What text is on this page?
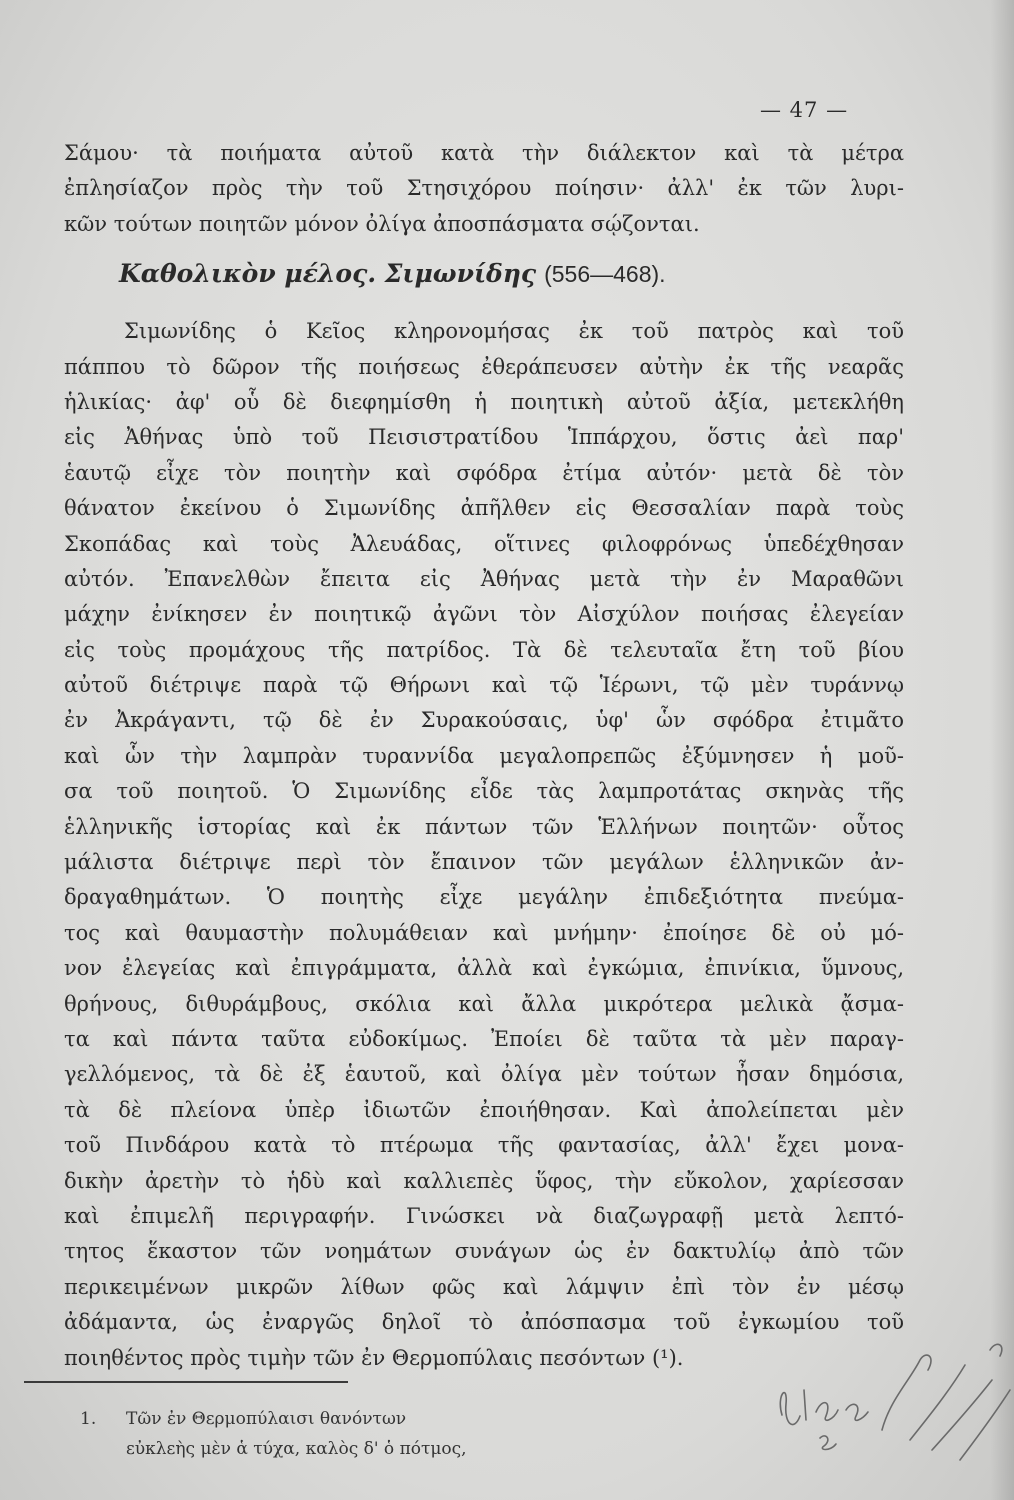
— 47 —
Σάμου· τὰ ποιήματα αὐτοῦ κατὰ τὴν διάλεκτον καὶ τὰ μέτρα
ἐπλησίαζον πρὸς τὴν τοῦ Στησιχόρου ποίησιν· ἀλλ' ἐκ τῶν λυρι-
κῶν τούτων ποιητῶν μόνον ὀλίγα ἀποσπάσματα σῴζονται.
Καθολικὸν μέλος. Σιμωνίδης (556—468).
Σιμωνίδης ὁ Κεῖος κληρονομήσας ἐκ τοῦ πατρὸς καὶ τοῦ
πάππου τὸ δῶρον τῆς ποιήσεως ἐθεράπευσεν αὐτὴν ἐκ τῆς νεαρᾶς
ἡλικίας· ἀφ' οὗ δὲ διεφημίσθη ἡ ποιητικὴ αὐτοῦ ἀξία, μετεκλήθη
εἰς Ἀθήνας ὑπὸ τοῦ Πεισιστρατίδου Ἱππάρχου, ὅστις ἀεὶ παρ'
ἑαυτῷ εἶχε τὸν ποιητὴν καὶ σφόδρα ἐτίμα αὐτόν· μετὰ δὲ τὸν
θάνατον ἐκείνου ὁ Σιμωνίδης ἀπῆλθεν εἰς Θεσσαλίαν παρὰ τοὺς
Σκοπάδας καὶ τοὺς Ἀλευάδας, οἵτινες φιλοφρόνως ὑπεδέχθησαν
αὐτόν. Ἐπανελθὼν ἔπειτα εἰς Ἀθήνας μετὰ τὴν ἐν Μαραθῶνι
μάχην ἐνίκησεν ἐν ποιητικῷ ἀγῶνι τὸν Αἰσχύλον ποιήσας ἐλεγείαν
εἰς τοὺς προμάχους τῆς πατρίδος. Τὰ δὲ τελευταῖα ἔτη τοῦ βίου
αὐτοῦ διέτριψε παρὰ τῷ Θήρωνι καὶ τῷ Ἱέρωνι, τῷ μὲν τυράννῳ
ἐν Ἀκράγαντι, τῷ δὲ ἐν Συρακούσαις, ὑφ' ὧν σφόδρα ἐτιμᾶτο
καὶ ὧν τὴν λαμπρὰν τυραννίδα μεγαλοπρεπῶς ἐξύμνησεν ἡ μοῦ-
σα τοῦ ποιητοῦ. Ὁ Σιμωνίδης εἶδε τὰς λαμπροτάτας σκηνὰς τῆς
ἑλληνικῆς ἱστορίας καὶ ἐκ πάντων τῶν Ἑλλήνων ποιητῶν· οὗτος
μάλιστα διέτριψε περὶ τὸν ἔπαινον τῶν μεγάλων ἑλληνικῶν ἀν-
δραγαθημάτων. Ὁ ποιητὴς εἶχε μεγάλην ἐπιδεξιότητα πνεύμα-
τος καὶ θαυμαστὴν πολυμάθειαν καὶ μνήμην· ἐποίησε δὲ οὐ μό-
νον ἐλεγείας καὶ ἐπιγράμματα, ἀλλὰ καὶ ἐγκώμια, ἐπινίκια, ὕμνους,
θρήνους, διθυράμβους, σκόλια καὶ ἄλλα μικρότερα μελικὰ ᾄσμα-
τα καὶ πάντα ταῦτα εὐδοκίμως. Ἐποίει δὲ ταῦτα τὰ μὲν παραγ-
γελλόμενος, τὰ δὲ ἐξ ἑαυτοῦ, καὶ ὀλίγα μὲν τούτων ἦσαν δημόσια,
τὰ δὲ πλείονα ὑπὲρ ἰδιωτῶν ἐποιήθησαν. Καὶ ἀπολείπεται μὲν
τοῦ Πινδάρου κατὰ τὸ πτέρωμα τῆς φαντασίας, ἀλλ' ἔχει μονα-
δικὴν ἀρετὴν τὸ ἡδὺ καὶ καλλιεπὲς ὕφος, τὴν εὔκολον, χαρίεσσαν
καὶ ἐπιμελῆ περιγραφήν. Γινώσκει νὰ διαζωγραφῇ μετὰ λεπτό-
τητος ἕκαστον τῶν νοημάτων συνάγων ὡς ἐν δακτυλίῳ ἀπὸ τῶν
περικειμένων μικρῶν λίθων φῶς καὶ λάμψιν ἐπὶ τὸν ἐν μέσῳ
ἀδάμαντα, ὡς ἐναργῶς δηλοῖ τὸ ἀπόσπασμα τοῦ ἐγκωμίου τοῦ
ποιηθέντος πρὸς τιμὴν τῶν ἐν Θερμοπύλαις πεσόντων (¹).
1. Τῶν ἐν Θερμοπύλαισι θανόντων
εὐκλεὴς μὲν ἁ τύχα, καλὸς δ' ὁ πότμος,
